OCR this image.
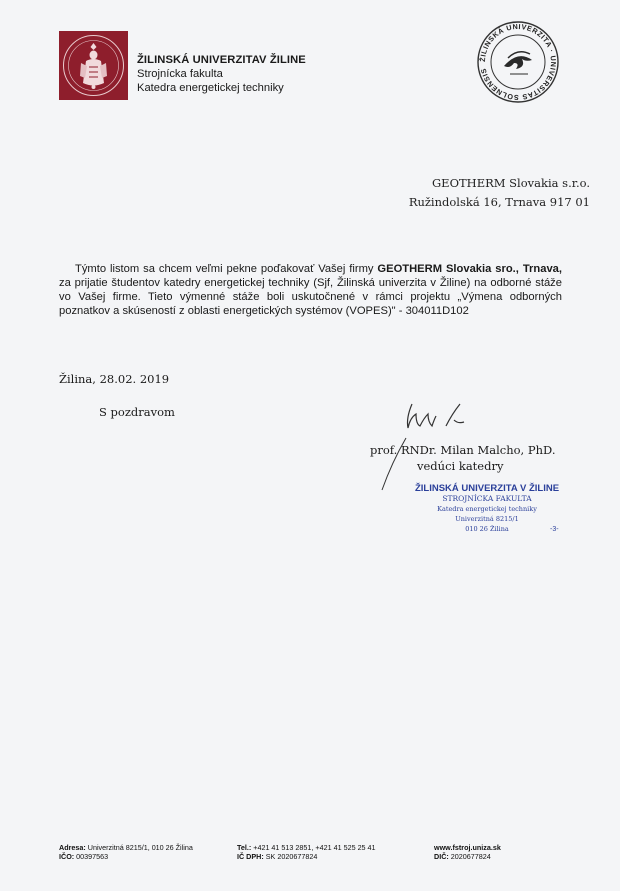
ŽILINSKÁ UNIVERZITAV ŽILINE
Strojnícka fakulta
Katedra energetickej techniky
ŽILINSKÁ UNIVERZITA · UNIVERSITAS SOLNENSIS
GEOTHERM Slovakia s.r.o.
Ružindolská 16, Trnava 917 01
Týmto listom sa chcem veľmi pekne poďakovať Vašej firmy GEOTHERM Slovakia sro., Trnava, za prijatie študentov katedry energetickej techniky (Sjf, Žilinská univerzita v Žiline) na odborné stáže vo Vašej firme. Tieto výmenné stáže boli uskutočnené v rámci projektu „Výmena odborných poznatkov a skúseností z oblasti energetických systémov (VOPES)" - 304011D102
Žilina, 28.02. 2019
S pozdravom
prof. RNDr. Milan Malcho, PhD.
vedúci katedry
ŽILINSKÁ UNIVERZITA V ŽILINE
STROJNÍCKA FAKULTA
Katedra energetickej techniky
Univerzitná 8215/1
010 26 Žilina	-3-
Adresa: Univerzitná 8215/1, 010 26 Žilina
IČO: 00397563
Tel.: +421 41 513 2851, +421 41 525 25 41
IČ DPH: SK 2020677824
www.fstroj.uniza.sk
DIČ: 2020677824
